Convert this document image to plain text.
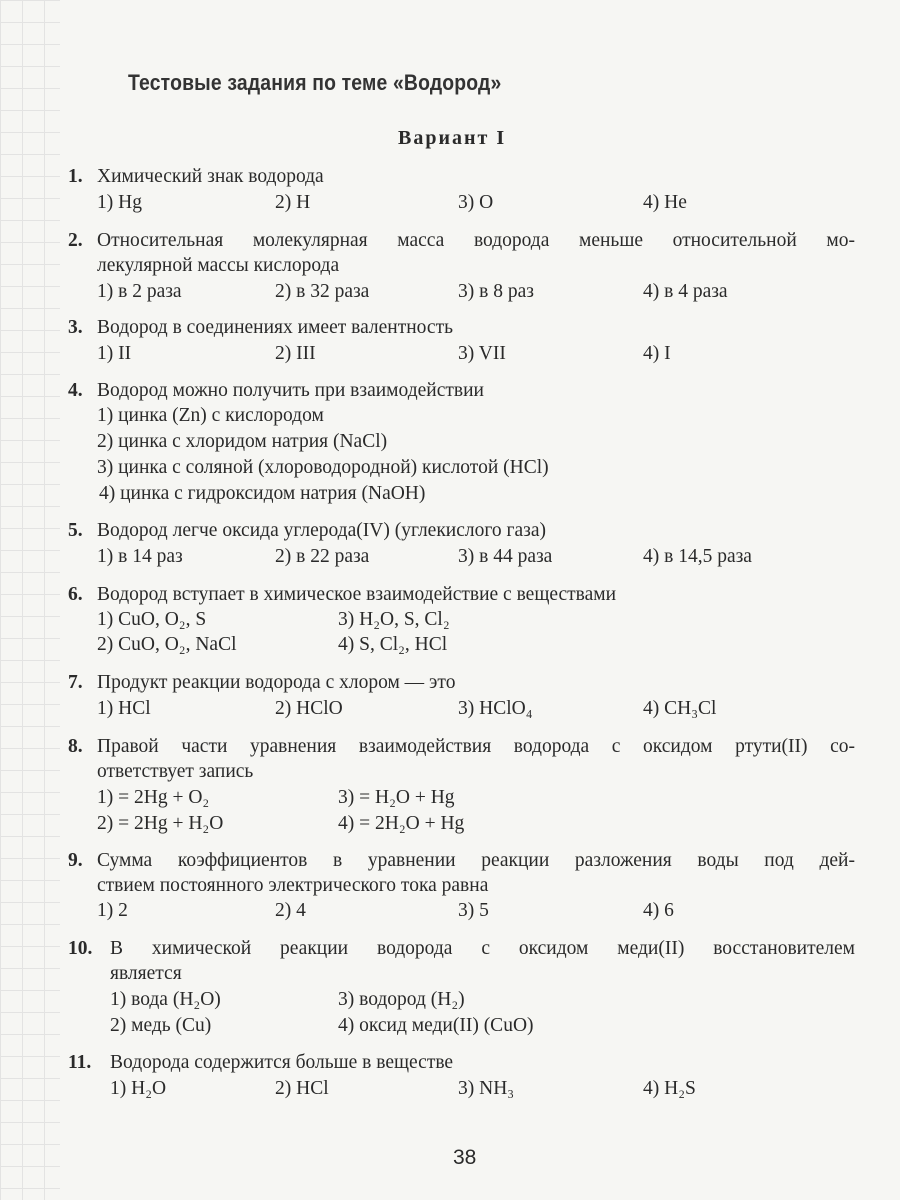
Тестовые задания по теме «Водород»
Вариант I
1. Химический знак водорода
1) Hg	2) H	3) O	4) He
2. Относительная молекулярная масса водорода меньше относительной мо-
лекулярной массы кислорода
1) в 2 раза	2) в 32 раза	3) в 8 раз	4) в 4 раза
3. Водород в соединениях имеет валентность
1) II	2) III	3) VII	4) I
4. Водород можно получить при взаимодействии
1) цинка (Zn) с кислородом
2) цинка с хлоридом натрия (NaCl)
3) цинка с соляной (хлороводородной) кислотой (HCl)
4) цинка с гидроксидом натрия (NaOH)
5. Водород легче оксида углерода(IV) (углекислого газа)
1) в 14 раз	2) в 22 раза	3) в 44 раза	4) в 14,5 раза
6. Водород вступает в химическое взаимодействие с веществами
1) CuO, O₂, S	3) H₂O, S, Cl₂
2) CuO, O₂, NaCl	4) S, Cl₂, HCl
7. Продукт реакции водорода с хлором — это
1) HCl	2) HClO	3) HClO₄	4) CH₃Cl
8. Правой части уравнения взаимодействия водорода с оксидом ртути(II) со-
ответствует запись
1) = 2Hg + O₂	3) = H₂O + Hg
2) = 2Hg + H₂O	4) = 2H₂O + Hg
9. Сумма коэффициентов в уравнении реакции разложения воды под дей-
ствием постоянного электрического тока равна
1) 2	2) 4	3) 5	4) 6
10. В химической реакции водорода с оксидом меди(II) восстановителем
является
1) вода (H₂O)	3) водород (H₂)
2) медь (Cu)	4) оксид меди(II) (CuO)
11. Водорода содержится больше в веществе
1) H₂O	2) HCl	3) NH₃	4) H₂S
38
